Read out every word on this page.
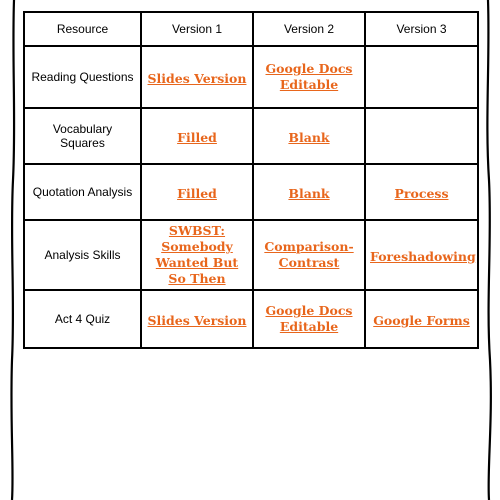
Resource	Version 1	Version 2	Version 3
Reading Questions	Slides Version	Google Docs Editable	
Vocabulary Squares	Filled	Blank	
Quotation Analysis	Filled	Blank	Process
Analysis Skills	SWBST: Somebody Wanted But So Then	Comparison-Contrast	Foreshadowing
Act 4 Quiz	Slides Version	Google Docs Editable	Google Forms
